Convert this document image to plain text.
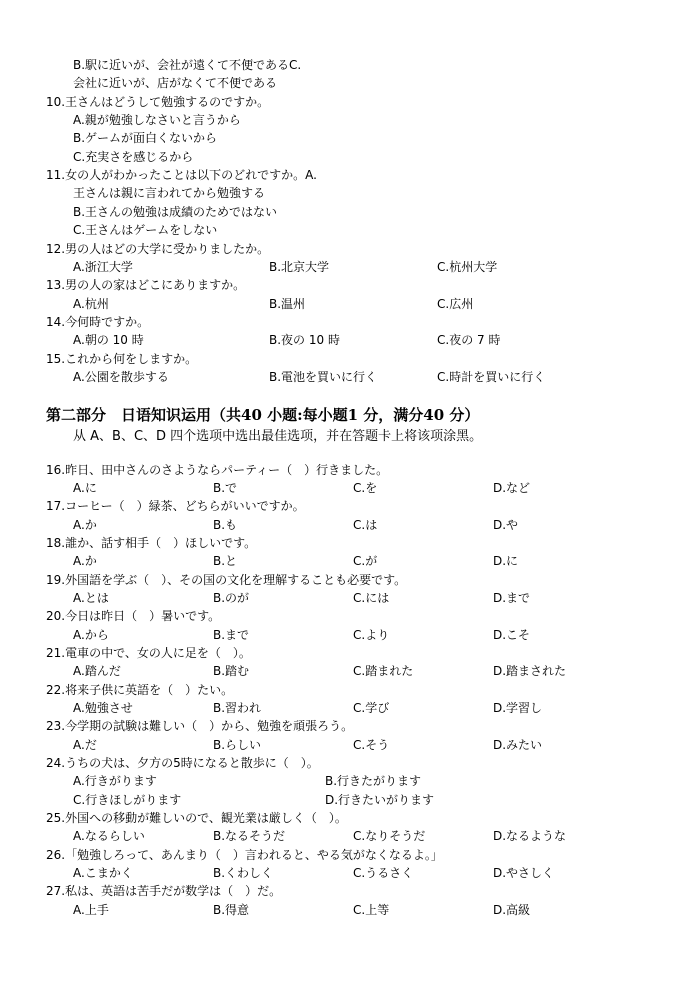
B.駅に近いが、会社が遠くて不便であるC.
会社に近いが、店がなくて不便である
10.王さんはどうして勉強するのですか。
A.親が勉強しなさいと言うから
B.ゲームが面白くないから
C.充実さを感じるから
11.女の人がわかったことは以下のどれですか。A.
王さんは親に言われてから勉強する
B.王さんの勉強は成績のためではない
C.王さんはゲームをしない
12.男の人はどの大学に受かりましたか。
A.浙江大学	B.北京大学	C.杭州大学
13.男の人の家はどこにありますか。
A.杭州	B.温州	C.広州
14.今何時ですか。
A.朝の 10 時	B.夜の 10 時	C.夜の 7 時
15.これから何をしますか。
A.公園を散歩する	B.電池を買いに行く	C.時計を買いに行く
第二部分　日语知识运用（共40 小题:每小题1 分，满分40 分）
从 A、B、C、D 四个选项中选出最佳选项，并在答题卡上将该项涂黑。
16.昨日、田中さんのさようならパーティー（　）行きました。
A.に	B.で	C.を	D.など
17.コーヒー（　）緑茶、どちらがいいですか。
A.か	B.も	C.は	D.や
18.誰か、話す相手（　）ほしいです。
A.か	B.と	C.が	D.に
19.外国語を学ぶ（　）、その国の文化を理解することも必要です。
A.とは	B.のが	C.には	D.まで
20.今日は昨日（　）暑いです。
A.から	B.まで	C.より	D.こそ
21.電車の中で、女の人に足を（　）。
A.踏んだ	B.踏む	C.踏まれた	D.踏まされた
22.将来子供に英語を（　）たい。
A.勉強させ	B.習われ	C.学び	D.学習し
23.今学期の試験は難しい（　）から、勉強を頑張ろう。
A.だ	B.らしい	C.そう	D.みたい
24.うちの犬は、夕方の5時になると散歩に（　）。
A.行きがります	B.行きたがります
C.行きほしがります	D.行きたいがります
25.外国への移動が難しいので、観光業は厳しく（　）。
A.なるらしい	B.なるそうだ	C.なりそうだ	D.なるような
26.「勉強しろって、あんまり（　）言われると、やる気がなくなるよ。」
A.こまかく	B.くわしく	C.うるさく	D.やさしく
27.私は、英語は苦手だが数学は（　）だ。
A.上手	B.得意	C.上等	D.高級
